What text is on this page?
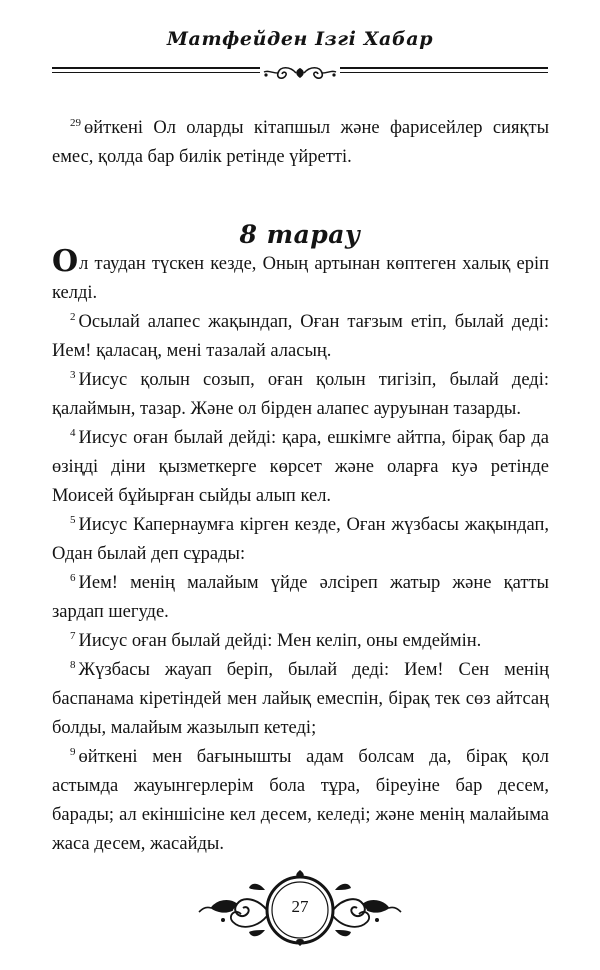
Матфейден Ізгі Хабар

$^{29}$ өйткені Ол оларды кітапшыл және фарисейлер сияқты емес, қолда бар билік ретінде үйретті.

8 тарау

Ол таудан түскен кезде, Оның артынан көптеген халық еріп келді.

$^2$ Осылай алапес жақындап, Оған тағзым етіп, былай деді: Ием! қаласаң, мені тазалай аласың.

$^3$ Иисус қолын созып, оған қолын тигізіп, былай деді: қалаймын, тазар. Және ол бірден алапес ауруынан тазарды.

$^4$ Иисус оған былай дейді: қара, ешкімге айтпа, бірақ бар да өзіңді діни қызметкерге көрсет және оларға куә ретінде Моисей бұйырған сыйды алып кел.

$^5$ Иисус Капернаумға кірген кезде, Оған жүзбасы жақындап, Одан былай деп сұрады:

$^6$ Ием! менің малайым үйде әлсіреп жатыр және қатты зардап шегуде.

$^7$ Иисус оған былай дейді: Мен келіп, оны емдеймін.

$^8$ Жүзбасы жауап беріп, былай деді: Ием! Сен менің баспанама кіретіндей мен лайық емеспін, бірақ тек сөз айтсаң болды, малайым жазылып кетеді;

$^9$ өйткені мен бағынышты адам болсам да, бірақ қол астымда жауынгерлерім бола тұра, біреуіне бар десем, барады; ал екіншісіне кел десем, келеді; және менің малайыма жаса десем, жасайды.

27
